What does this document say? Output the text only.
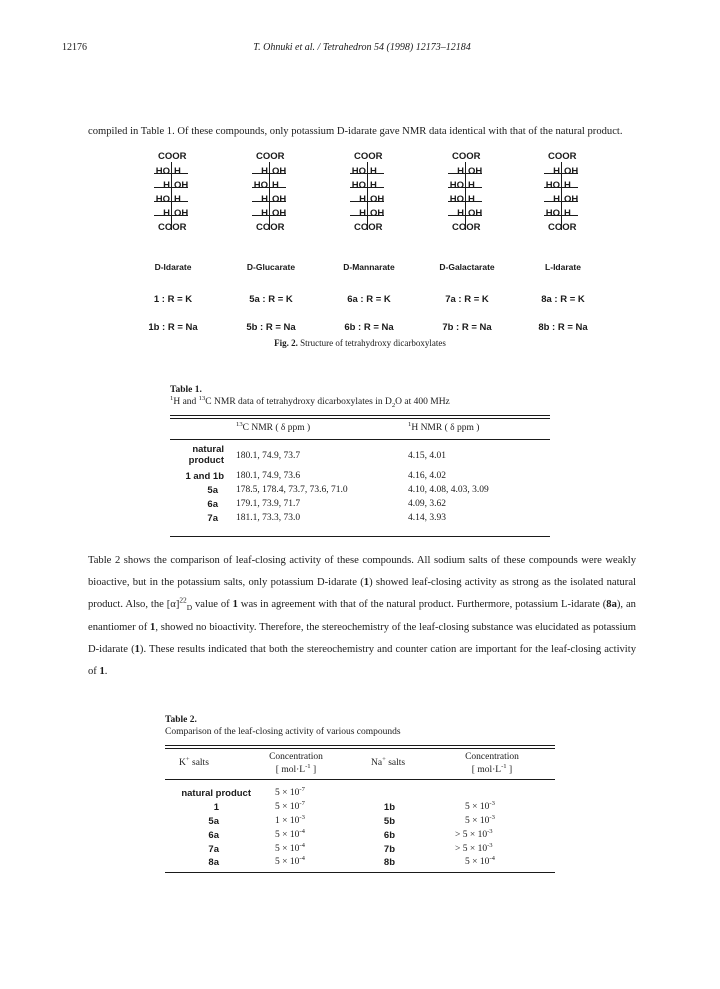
12176	T. Ohnuki et al. / Tetrahedron 54 (1998) 12173–12184
compiled in Table 1. Of these compounds, only potassium D-idarate gave NMR data identical with that of the natural product.
COOR
HO H
H OH
HO H
H OH
COOR
D-Idarate
1 : R = K
1b : R = Na
COOR
H OH
HO H
H OH
H OH
COOR
D-Glucarate
5a : R = K
5b : R = Na
COOR
HO H
HO H
H OH
H OH
COOR
D-Mannarate
6a : R = K
6b : R = Na
COOR
H OH
HO H
HO H
H OH
COOR
D-Galactarate
7a : R = K
7b : R = Na
COOR
H OH
HO H
H OH
HO H
COOR
L-Idarate
8a : R = K
8b : R = Na
Fig. 2. Structure of tetrahydroxy dicarboxylates
Table 1.
$^1$H and $^{13}$C NMR data of tetrahydroxy dicarboxylates in $D_2O$ at 400 MHz
$^{13}$C NMR ( δ ppm )	$^1$H NMR ( δ ppm )
natural
product 180.1, 74.9, 73.7	4.15, 4.01
1 and 1b 180.1, 74.9, 73.6	4.16, 4.02
5a 178.5, 178.4, 73.7, 73.6, 71.0	4.10, 4.08, 4.03, 3.09
6a 179.1, 73.9, 71.7	4.09, 3.62
7a 181.1, 73.3, 73.0	4.14, 3.93
Table 2 shows the comparison of leaf-closing activity of these compounds. All sodium salts of these compounds were weakly bioactive, but in the potassium salts, only potassium D-idarate (1) showed leaf-closing activity as strong as the isolated natural product. Also, the $[\alpha]^{22}_D$ value of 1 was in agreement with that of the natural product. Furthermore, potassium L-idarate (8a), an enantiomer of 1, showed no bioactivity. Therefore, the stereochemistry of the leaf-closing substance was elucidated as potassium D-idarate (1). These results indicated that both the stereochemistry and counter cation are important for the leaf-closing activity of 1.
Table 2.
Comparison of the leaf-closing activity of various compounds
K+ salts
Concentration
[ $mol\cdot L^{-1}$ ]
Na+ salts
Concentration
[ $mol\cdot L^{-1}$ ]
natural product	$5 \times 10^{-7}$
1	$5 \times 10^{-7}$	1b	$5 \times 10^{-3}$
5a	$1 \times 10^{-3}$	5b	$5 \times 10^{-3}$
6a	$5 \times 10^{-4}$	6b	> $5 \times 10^{-3}$
7a	$5 \times 10^{-4}$	7b	> $5 \times 10^{-3}$
8a	$5 \times 10^{-4}$	8b	$5 \times 10^{-4}$
